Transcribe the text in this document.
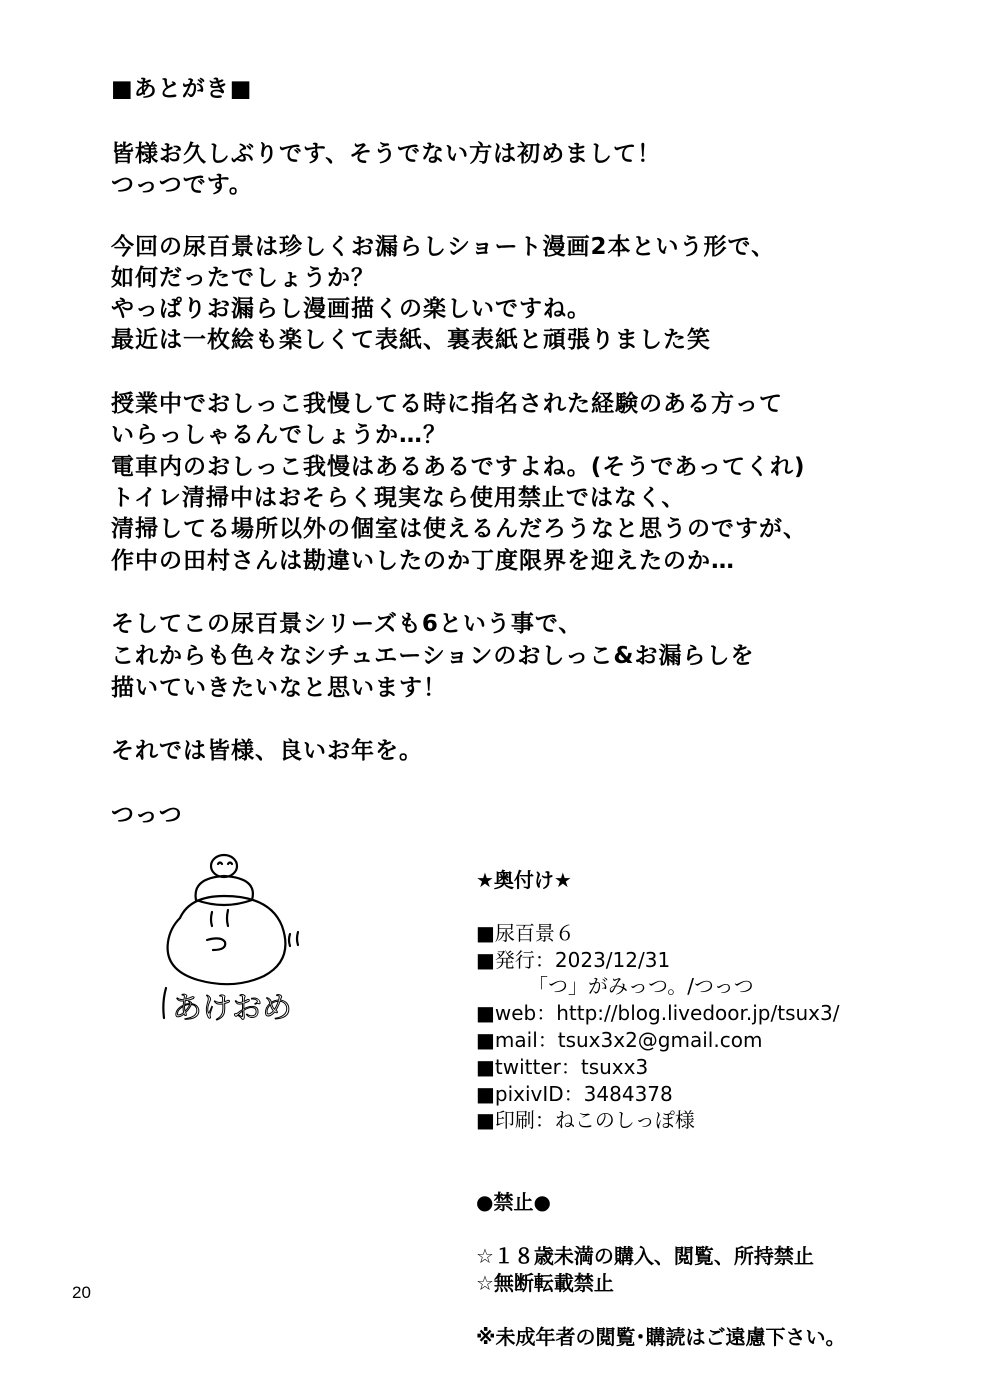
■あとがき■
皆様お久しぶりです、そうでない方は初めまして！
つっつです。
今回の尿百景は珍しくお漏らしショート漫画2本という形で、
如何だったでしょうか？
やっぱりお漏らし漫画描くの楽しいですね。
最近は一枚絵も楽しくて表紙、裏表紙と頑張りました笑
授業中でおしっこ我慢してる時に指名された経験のある方って
いらっしゃるんでしょうか…？
電車内のおしっこ我慢はあるあるですよね。(そうであってくれ)
トイレ清掃中はおそらく現実なら使用禁止ではなく、
清掃してる場所以外の個室は使えるんだろうなと思うのですが、
作中の田村さんは勘違いしたのか丁度限界を迎えたのか…
そしてこの尿百景シリーズも6という事で、
これからも色々なシチュエーションのおしっこ&お漏らしを
描いていきたいなと思います！
それでは皆様、良いお年を。
つっつ
あけおめ
★奥付け★
■尿百景６
■発行：2023/12/31
「つ」がみっつ。/つっつ
■web：http://blog.livedoor.jp/tsux3/
■mail：tsux3x2@gmail.com
■twitter：tsuxx3
■pixivID：3484378
■印刷：ねこのしっぽ様
●禁止●
☆１８歳未満の購入、閲覧、所持禁止
☆無断転載禁止
※未成年者の閲覧･購読はご遠慮下さい。
20
